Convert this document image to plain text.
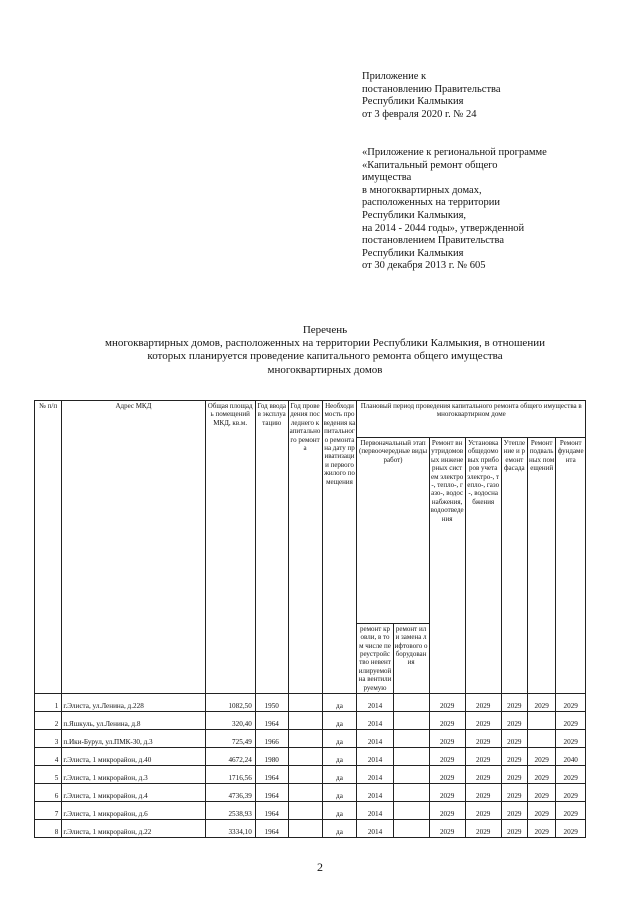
Приложение к
постановлению Правительства
Республики Калмыкия
от 3 февраля 2020 г. № 24
«Приложение к региональной программе
«Капитальный ремонт общего
имущества
в многоквартирных домах,
расположенных на территории
Республики Калмыкия,
на 2014 - 2044 годы», утвержденной
постановлением Правительства
Республики Калмыкия
от 30 декабря 2013 г. № 605
Перечень
многоквартирных домов, расположенных на территории Республики Калмыкия, в отношении
которых планируется проведение капитального ремонта общего имущества
многоквартирных домов
№ п/п	Адрес МКД	Общая площадь помещений МКД, кв.м.	Год ввода в эксплуатацию	Год проведения последнего капитального ремонта	Необходимость проведения капитального ремонта на дату приватизации первого жилого помещения	Плановый период проведения капитального ремонта общего имущества в многоквартирном доме						
						Первоначальный этап (первоочередные виды работ)		Ремонт внутридомовых инженерных систем электро-, тепло-, газо-, водоснабжения, водоотведения	Установка общедомовых приборов учета электро-, тепло-, газо-, водоснабжения	Утепление и ремонт фасада	Ремонт подвальных помещений	Ремонт фундамента
						ремонт кровли, в том числе переустройство невентилируемой на вентилируемую	ремонт или замена лифтового оборудования					
1	г.Элиста, ул.Ленина, д.228	1082,50	1950		да	2014		2029	2029	2029	2029	2029
2	п.Яшкуль, ул.Ленина, д.8	320,40	1964		да	2014		2029	2029	2029		2029
3	п.Ики-Бурул, ул.ПМК-30, д.3	725,49	1966		да	2014		2029	2029	2029		2029
4	г.Элиста, 1 микрорайон, д.40	4672,24	1980		да	2014		2029	2029	2029	2029	2040
5	г.Элиста, 1 микрорайон, д.3	1716,56	1964		да	2014		2029	2029	2029	2029	2029
6	г.Элиста, 1 микрорайон, д.4	4736,39	1964		да	2014		2029	2029	2029	2029	2029
7	г.Элиста, 1 микрорайон, д.6	2538,93	1964		да	2014		2029	2029	2029	2029	2029
8	г.Элиста, 1 микрорайон, д.22	3334,10	1964		да	2014		2029	2029	2029	2029	2029
2
